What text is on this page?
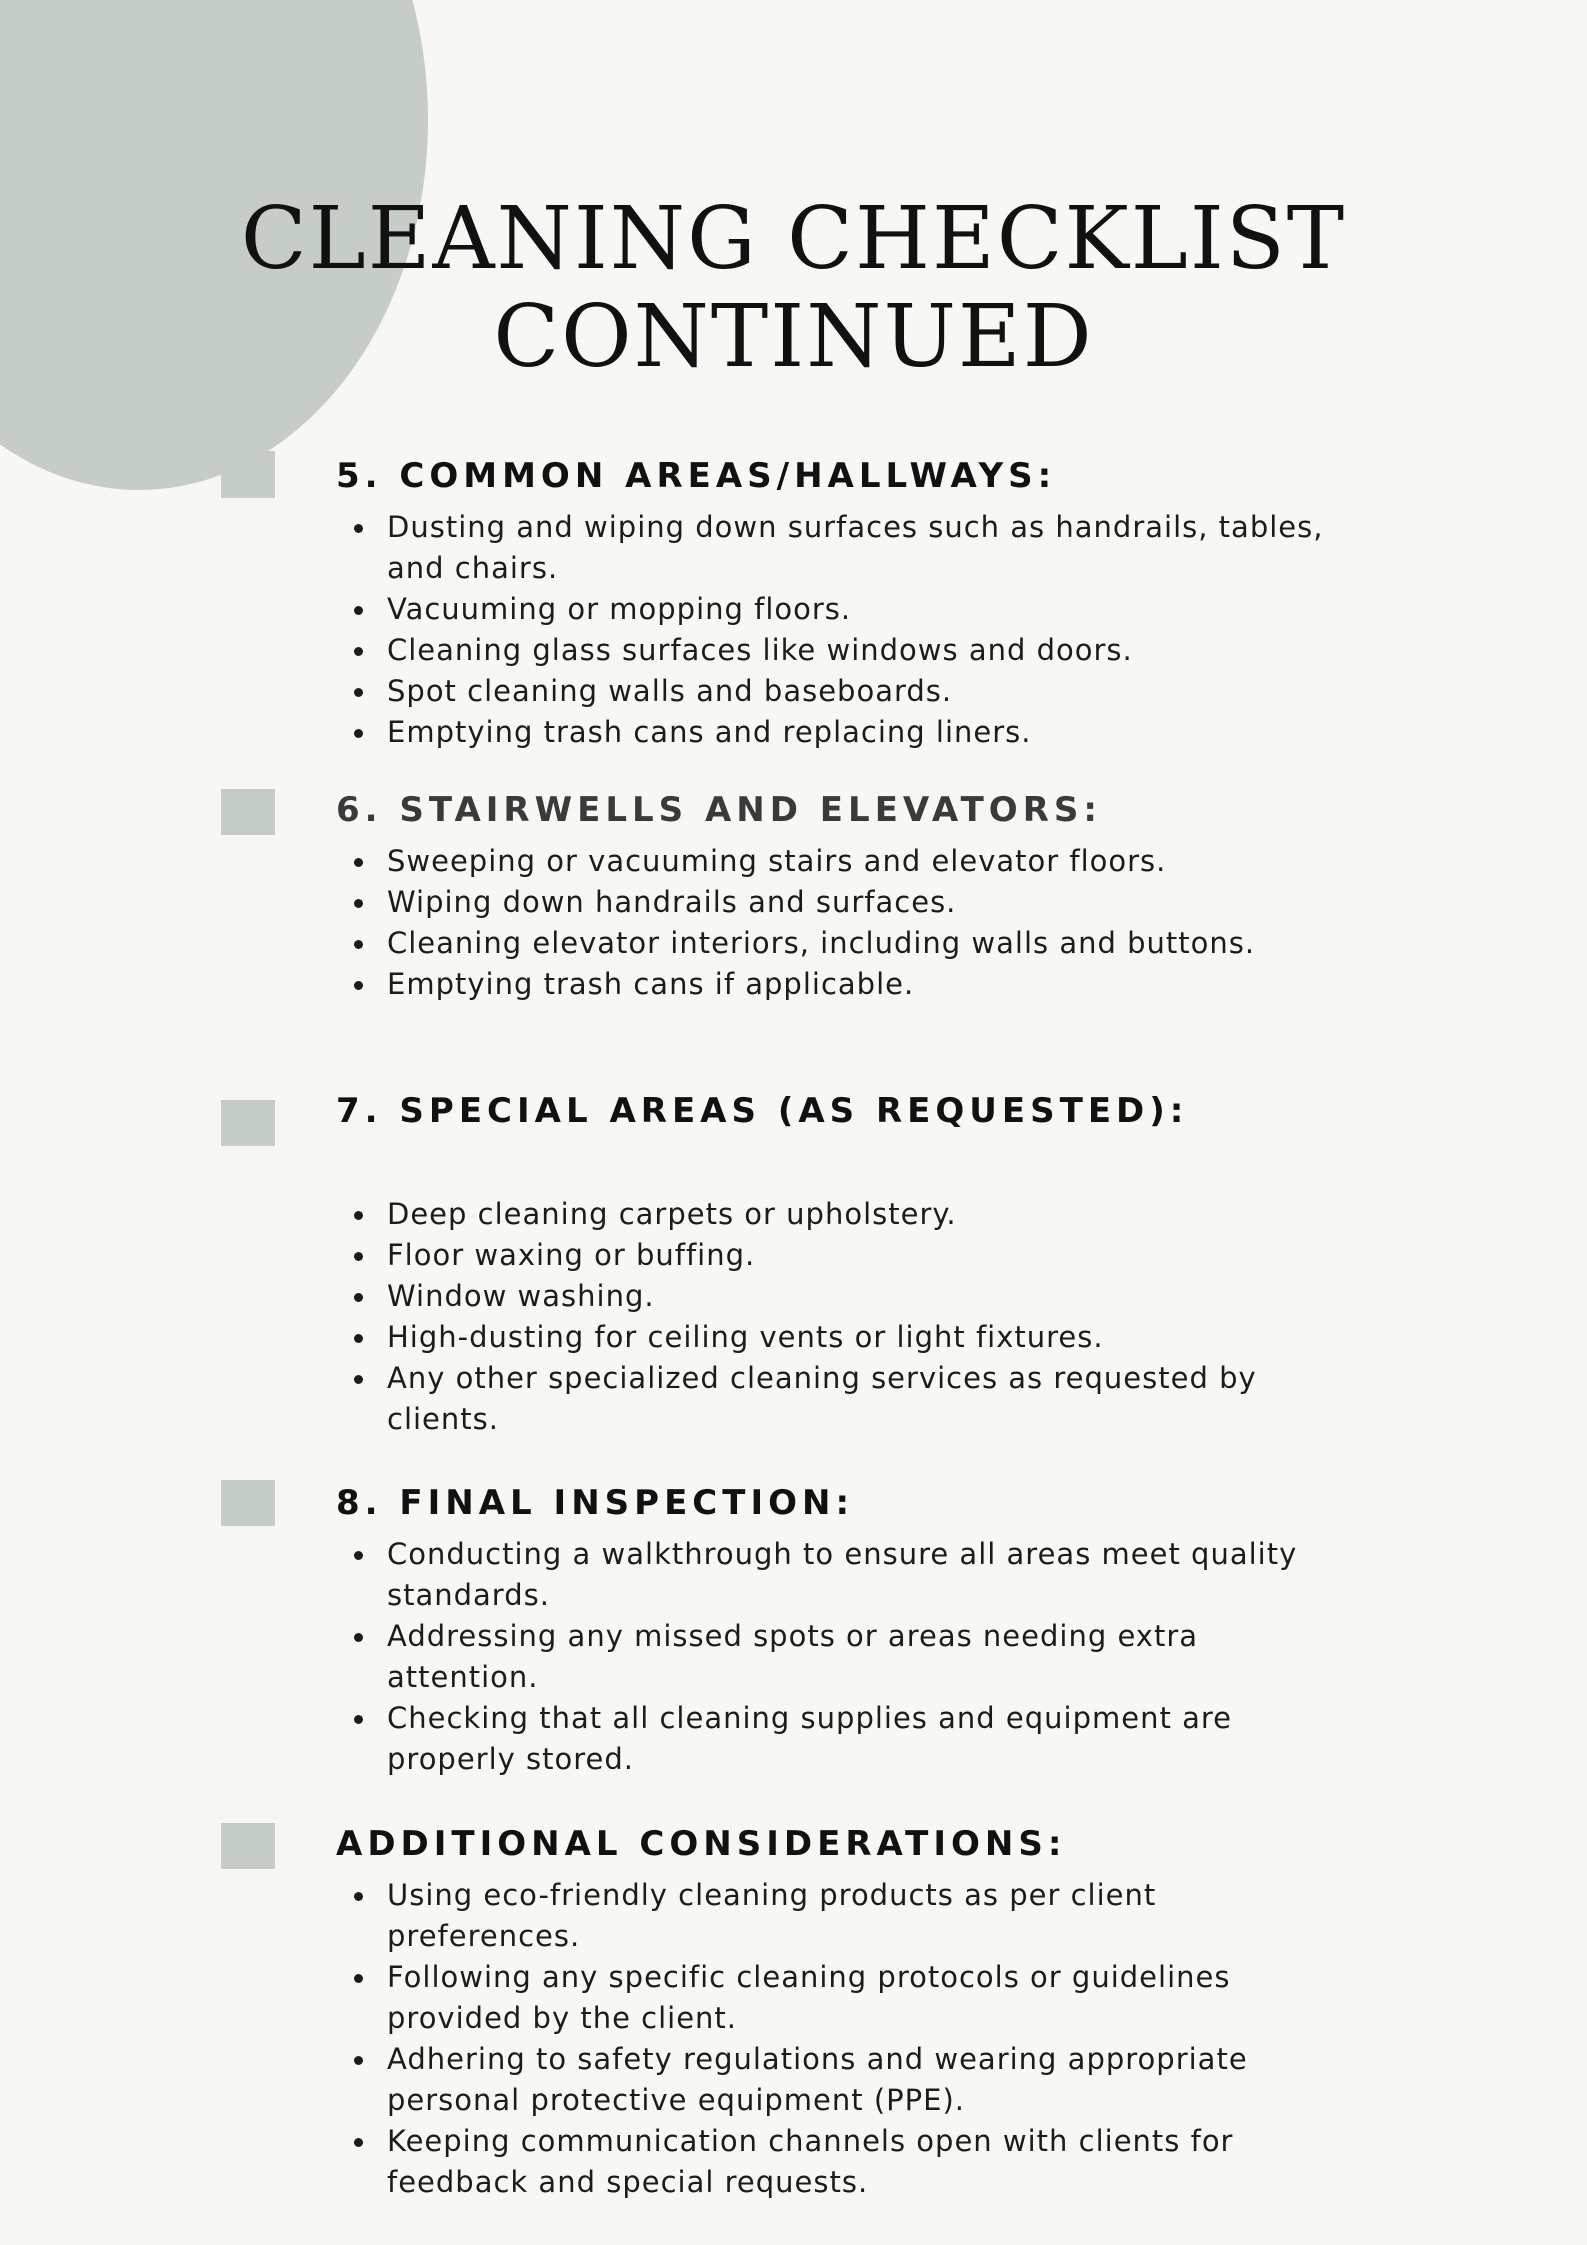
CLEANING CHECKLIST
CONTINUED
5. COMMON AREAS/HALLWAYS:
Dusting and wiping down surfaces such as handrails, tables, and chairs.
Vacuuming or mopping floors.
Cleaning glass surfaces like windows and doors.
Spot cleaning walls and baseboards.
Emptying trash cans and replacing liners.
6. STAIRWELLS AND ELEVATORS:
Sweeping or vacuuming stairs and elevator floors.
Wiping down handrails and surfaces.
Cleaning elevator interiors, including walls and buttons.
Emptying trash cans if applicable.
7. SPECIAL AREAS (AS REQUESTED):
Deep cleaning carpets or upholstery.
Floor waxing or buffing.
Window washing.
High-dusting for ceiling vents or light fixtures.
Any other specialized cleaning services as requested by clients.
8. FINAL INSPECTION:
Conducting a walkthrough to ensure all areas meet quality standards.
Addressing any missed spots or areas needing extra attention.
Checking that all cleaning supplies and equipment are properly stored.
ADDITIONAL CONSIDERATIONS:
Using eco-friendly cleaning products as per client preferences.
Following any specific cleaning protocols or guidelines provided by the client.
Adhering to safety regulations and wearing appropriate personal protective equipment (PPE).
Keeping communication channels open with clients for feedback and special requests.
